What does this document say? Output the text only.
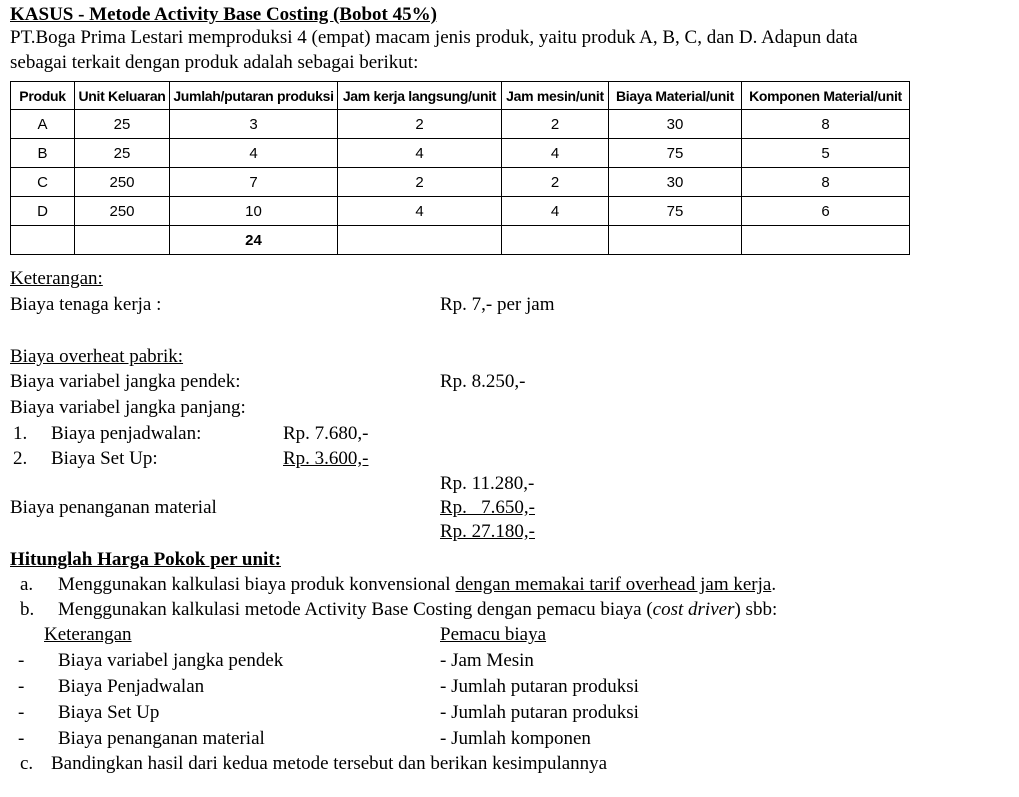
KASUS - Metode Activity Base Costing (Bobot 45%)
PT.Boga Prima Lestari memproduksi 4 (empat) macam jenis produk, yaitu produk A, B, C, dan D. Adapun data
sebagai terkait dengan produk adalah sebagai berikut:
Produk	Unit Keluaran	Jumlah/putaran produksi	Jam kerja langsung/unit	Jam mesin/unit	Biaya Material/unit	Komponen Material/unit
A	25	3	2	2	30	8
B	25	4	4	4	75	5
C	250	7	2	2	30	8
D	250	10	4	4	75	6
		24				
Keterangan:
Biaya tenaga kerja :	Rp. 7,- per jam
Biaya overheat pabrik:
Biaya variabel jangka pendek:	Rp. 8.250,-
Biaya variabel jangka panjang:
1. Biaya penjadwalan:	Rp. 7.680,-
2. Biaya Set Up:	Rp. 3.600,-
Rp. 11.280,-
Biaya penanganan material	Rp.   7.650,-
Rp. 27.180,-
Hitunglah Harga Pokok per unit:
a. Menggunakan kalkulasi biaya produk konvensional dengan memakai tarif overhead jam kerja.
b. Menggunakan kalkulasi metode Activity Base Costing dengan pemacu biaya (cost driver) sbb:
Keterangan	Pemacu biaya
- Biaya variabel jangka pendek	- Jam Mesin
- Biaya Penjadwalan	- Jumlah putaran produksi
- Biaya Set Up	- Jumlah putaran produksi
- Biaya penanganan material	- Jumlah komponen
c. Bandingkan hasil dari kedua metode tersebut dan berikan kesimpulannya
